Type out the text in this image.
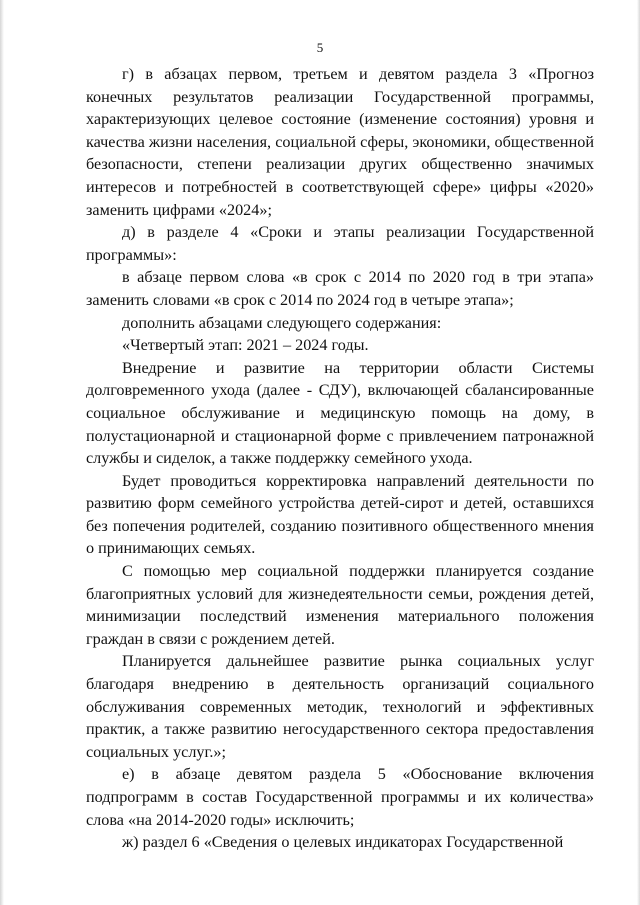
5

г) в абзацах первом, третьем и девятом раздела 3 «Прогноз конечных результатов реализации Государственной программы, характеризующих целевое состояние (изменение состояния) уровня и качества жизни населения, социальной сферы, экономики, общественной безопасности, степени реализации других общественно значимых интересов и потребностей в соответствующей сфере» цифры «2020» заменить цифрами «2024»;

д) в разделе 4 «Сроки и этапы реализации Государственной программы»:

в абзаце первом слова «в срок с 2014 по 2020 год в три этапа» заменить словами «в срок с 2014 по 2024 год в четыре этапа»;

дополнить абзацами следующего содержания:

«Четвертый этап: 2021 – 2024 годы.

Внедрение и развитие на территории области Системы долговременного ухода (далее - СДУ), включающей сбалансированные социальное обслуживание и медицинскую помощь на дому, в полустационарной и стационарной форме с привлечением патронажной службы и сиделок, а также поддержку семейного ухода.

Будет проводиться корректировка направлений деятельности по развитию форм семейного устройства детей-сирот и детей, оставшихся без попечения родителей, созданию позитивного общественного мнения о принимающих семьях.

С помощью мер социальной поддержки планируется создание благоприятных условий для жизнедеятельности семьи, рождения детей, минимизации последствий изменения материального положения граждан в связи с рождением детей.

Планируется дальнейшее развитие рынка социальных услуг благодаря внедрению в деятельность организаций социального обслуживания современных методик, технологий и эффективных практик, а также развитию негосударственного сектора предоставления социальных услуг.»;

е) в абзаце девятом раздела 5 «Обоснование включения подпрограмм в состав Государственной программы и их количества» слова «на 2014-2020 годы» исключить;

ж) раздел 6 «Сведения о целевых индикаторах Государственной
